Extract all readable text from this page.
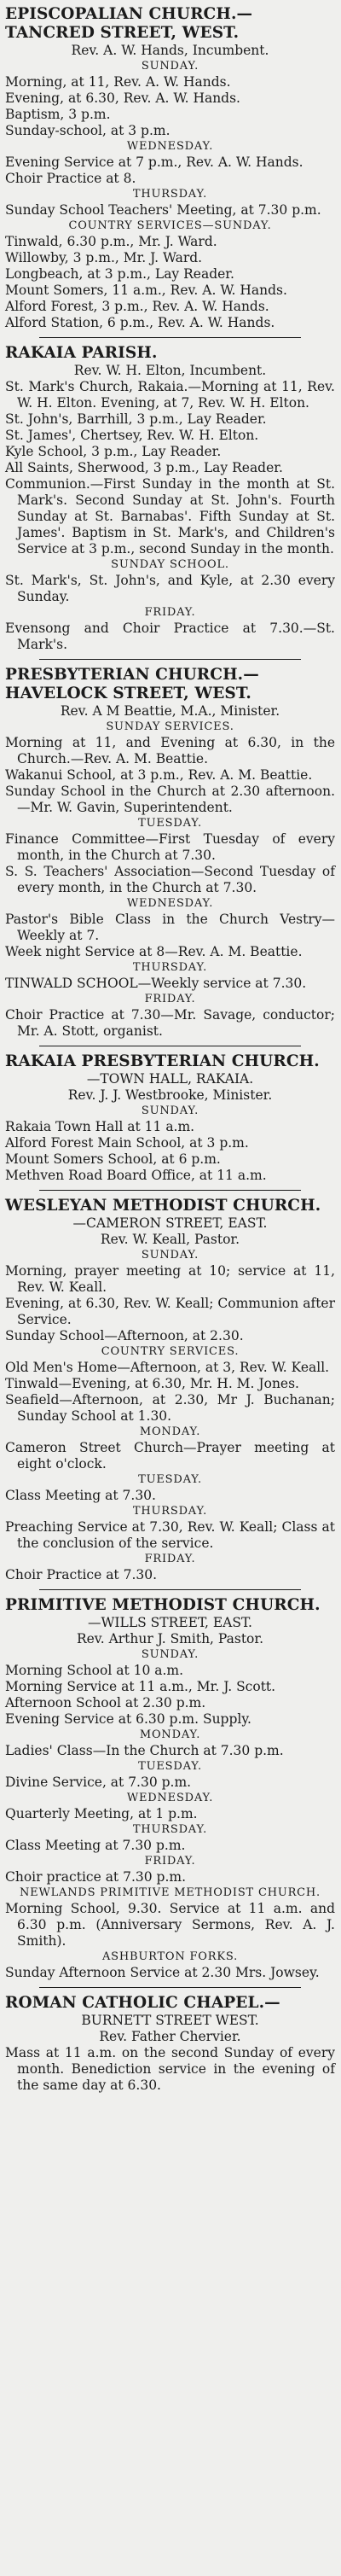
EPISCOPALIAN CHURCH.—TANCRED STREET, WEST.
Rev. A. W. Hands, Incumbent.
SUNDAY.
Morning, at 11, Rev. A. W. Hands.
Evening, at 6.30, Rev. A. W. Hands.
Baptism, 3 p.m.
Sunday-school, at 3 p.m.
WEDNESDAY.
Evening Service at 7 p.m., Rev. A. W. Hands.
Choir Practice at 8.
THURSDAY.
Sunday School Teachers' Meeting, at 7.30 p.m.
COUNTRY SERVICES—SUNDAY.
Tinwald, 6.30 p.m., Mr. J. Ward.
Willowby, 3 p.m., Mr. J. Ward.
Longbeach, at 3 p.m., Lay Reader.
Mount Somers, 11 a.m., Rev. A. W. Hands.
Alford Forest, 3 p.m., Rev. A. W. Hands.
Alford Station, 6 p.m., Rev. A. W. Hands.
RAKAIA PARISH.
Rev. W. H. Elton, Incumbent.
St. Mark's Church, Rakaia.—Morning at 11, Rev. W. H. Elton. Evening, at 7, Rev. W. H. Elton.
St. John's, Barrhill, 3 p.m., Lay Reader.
St. James', Chertsey, Rev. W. H. Elton.
Kyle School, 3 p.m., Lay Reader.
All Saints, Sherwood, 3 p.m., Lay Reader.
Communion.—First Sunday in the month at St. Mark's. Second Sunday at St. John's. Fourth Sunday at St. Barnabas'. Fifth Sunday at St. James'. Baptism in St. Mark's, and Children's Service at 3 p.m., second Sunday in the month.
SUNDAY SCHOOL.
St. Mark's, St. John's, and Kyle, at 2.30 every Sunday.
FRIDAY.
Evensong and Choir Practice at 7.30.—St. Mark's.
PRESBYTERIAN CHURCH.—HAVELOCK STREET, WEST.
Rev. A M Beattie, M.A., Minister.
SUNDAY SERVICES.
Morning at 11, and Evening at 6.30, in the Church.—Rev. A. M. Beattie.
Wakanui School, at 3 p.m., Rev. A. M. Beattie.
Sunday School in the Church at 2.30 afternoon.—Mr. W. Gavin, Superintendent.
TUESDAY.
Finance Committee—First Tuesday of every month, in the Church at 7.30.
S. S. Teachers' Association—Second Tuesday of every month, in the Church at 7.30.
WEDNESDAY.
Pastor's Bible Class in the Church Vestry—Weekly at 7.
Week night Service at 8—Rev. A. M. Beattie.
THURSDAY.
TINWALD SCHOOL—Weekly service at 7.30.
FRIDAY.
Choir Practice at 7.30—Mr. Savage, conductor; Mr. A. Stott, organist.
RAKAIA PRESBYTERIAN CHURCH.
—TOWN HALL, RAKAIA.
Rev. J. J. Westbrooke, Minister.
SUNDAY.
Rakaia Town Hall at 11 a.m.
Alford Forest Main School, at 3 p.m.
Mount Somers School, at 6 p.m.
Methven Road Board Office, at 11 a.m.
WESLEYAN METHODIST CHURCH.
—CAMERON STREET, EAST.
Rev. W. Keall, Pastor.
SUNDAY.
Morning, prayer meeting at 10; service at 11, Rev. W. Keall.
Evening, at 6.30, Rev. W. Keall; Communion after Service.
Sunday School—Afternoon, at 2.30.
COUNTRY SERVICES.
Old Men's Home—Afternoon, at 3, Rev. W. Keall.
Tinwald—Evening, at 6.30, Mr. H. M. Jones.
Seafield—Afternoon, at 2.30, Mr J. Buchanan; Sunday School at 1.30.
MONDAY.
Cameron Street Church—Prayer meeting at eight o'clock.
TUESDAY.
Class Meeting at 7.30.
THURSDAY.
Preaching Service at 7.30, Rev. W. Keall; Class at the conclusion of the service.
FRIDAY.
Choir Practice at 7.30.
PRIMITIVE METHODIST CHURCH.
—WILLS STREET, EAST.
Rev. Arthur J. Smith, Pastor.
SUNDAY.
Morning School at 10 a.m.
Morning Service at 11 a.m., Mr. J. Scott.
Afternoon School at 2.30 p.m.
Evening Service at 6.30 p.m. Supply.
MONDAY.
Ladies' Class—In the Church at 7.30 p.m.
TUESDAY.
Divine Service, at 7.30 p.m.
WEDNESDAY.
Quarterly Meeting, at 1 p.m.
THURSDAY.
Class Meeting at 7.30 p.m.
FRIDAY.
Choir practice at 7.30 p.m.
NEWLANDS PRIMITIVE METHODIST CHURCH.
Morning School, 9.30. Service at 11 a.m. and 6.30 p.m. (Anniversary Sermons, Rev. A. J. Smith).
ASHBURTON FORKS.
Sunday Afternoon Service at 2.30 Mrs. Jowsey.
ROMAN CATHOLIC CHAPEL.—
BURNETT STREET WEST.
Rev. Father Chervier.
Mass at 11 a.m. on the second Sunday of every month. Benediction service in the evening of the same day at 6.30.
